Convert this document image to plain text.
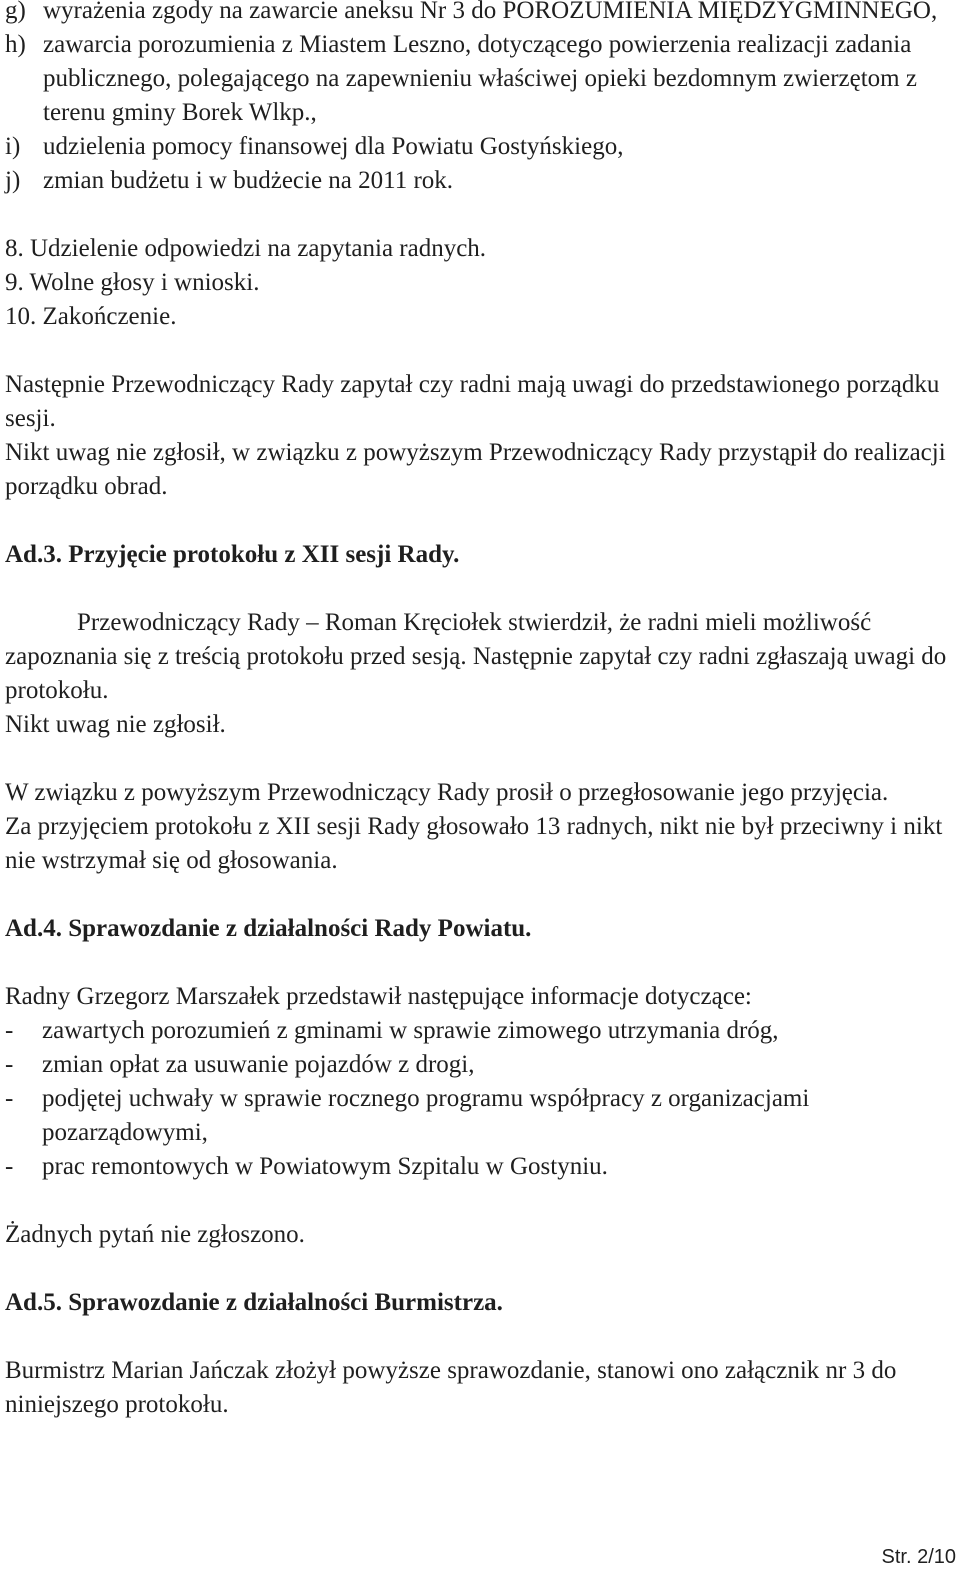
g) wyrażenia zgody na zawarcie aneksu Nr 3 do POROZUMIENIA MIĘDZYGMINNEGO,
h) zawarcia porozumienia z Miastem Leszno, dotyczącego powierzenia realizacji zadania publicznego, polegającego na zapewnieniu właściwej opieki bezdomnym zwierzętom z terenu gminy Borek Wlkp.,
i) udzielenia pomocy finansowej dla Powiatu Gostyńskiego,
j) zmian budżetu i w budżecie na 2011 rok.

8. Udzielenie odpowiedzi na zapytania radnych.

9. Wolne głosy i wnioski.

10. Zakończenie.

Następnie Przewodniczący Rady zapytał czy radni mają uwagi do przedstawionego porządku sesji.

Nikt uwag nie zgłosił, w związku z powyższym Przewodniczący Rady przystąpił do realizacji porządku obrad.

Ad.3. Przyjęcie protokołu z XII sesji Rady.

Przewodniczący Rady – Roman Kręciołek stwierdził, że radni mieli możliwość zapoznania się z treścią protokołu przed sesją. Następnie zapytał czy radni zgłaszają uwagi do protokołu.

Nikt uwag nie zgłosił.

W związku z powyższym Przewodniczący Rady prosił o przegłosowanie jego przyjęcia.

Za przyjęciem protokołu z XII sesji Rady głosowało 13 radnych, nikt nie był przeciwny i nikt nie wstrzymał się od głosowania.

Ad.4. Sprawozdanie z działalności Rady Powiatu.

Radny Grzegorz Marszałek przedstawił następujące informacje dotyczące:

- zawartych porozumień z gminami w sprawie zimowego utrzymania dróg,
- zmian opłat za usuwanie pojazdów z drogi,
- podjętej uchwały w sprawie rocznego programu współpracy z organizacjami pozarządowymi,
- prac remontowych w Powiatowym Szpitalu w Gostyniu.

Żadnych pytań nie zgłoszono.

Ad.5. Sprawozdanie z działalności Burmistrza.

Burmistrz Marian Jańczak złożył powyższe sprawozdanie, stanowi ono załącznik nr 3 do niniejszego protokołu.

Str. 2/10
